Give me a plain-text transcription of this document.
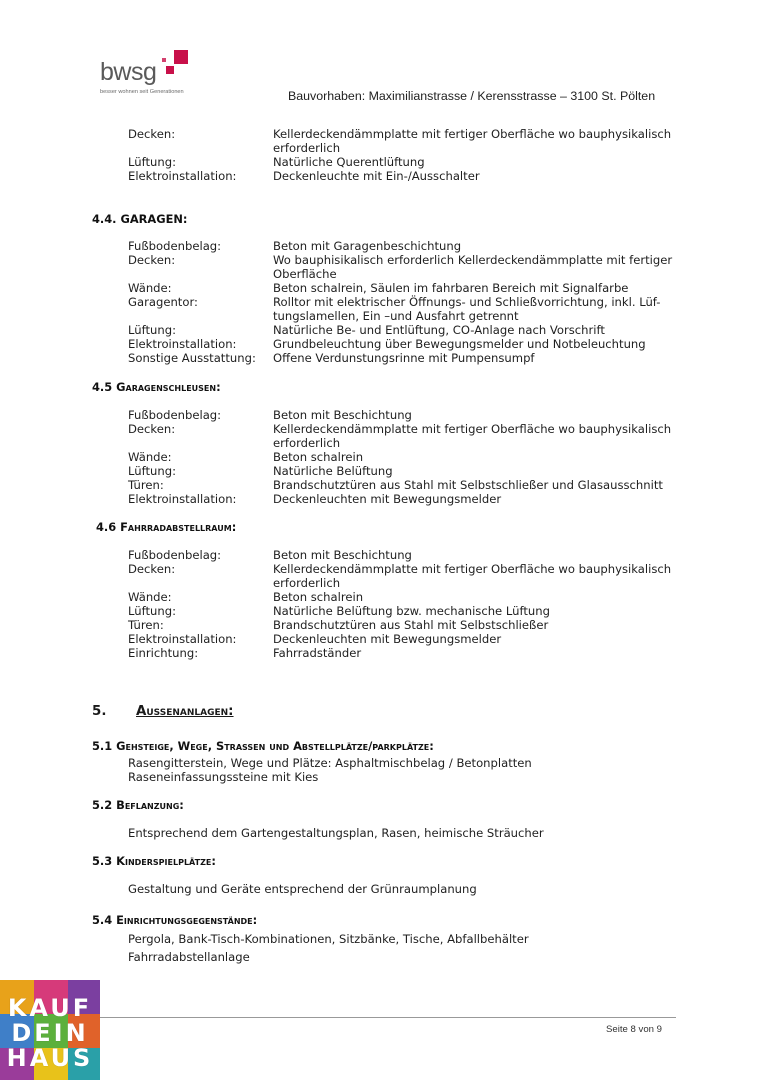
bwsg
besser wohnen seit Generationen	Bauvorhaben: Maximilianstrasse / Kerensstrasse – 3100 St. Pölten
Decken:	Kellerdeckendämmplatte mit fertiger Oberfläche wo bauphysikalisch
erforderlich
Lüftung:	Natürliche Querentlüftung
Elektroinstallation:	Deckenleuchte mit Ein-/Ausschalter
4.4. GARAGEN:
Fußbodenbelag:	Beton mit Garagenbeschichtung
Decken:	Wo bauphisikalisch erforderlich Kellerdeckendämmplatte mit fertiger
Oberfläche
Wände:	Beton schalrein, Säulen im fahrbaren Bereich mit Signalfarbe
Garagentor:	Rolltor mit elektrischer Öffnungs- und Schließvorrichtung, inkl. Lüf-
tungslamellen, Ein –und Ausfahrt getrennt
Lüftung:	Natürliche Be- und Entlüftung, CO-Anlage nach Vorschrift
Elektroinstallation:	Grundbeleuchtung über Bewegungsmelder und Notbeleuchtung
Sonstige Ausstattung: Offene Verdunstungsrinne mit Pumpensumpf
4.5 Garagenschleusen:
Fußbodenbelag:	Beton mit Beschichtung
Decken:	Kellerdeckendämmplatte mit fertiger Oberfläche wo bauphysikalisch
erforderlich
Wände:	Beton schalrein
Lüftung:	Natürliche Belüftung
Türen:	Brandschutztüren aus Stahl mit Selbstschließer und Glasausschnitt
Elektroinstallation:	Deckenleuchten mit Bewegungsmelder
4.6 Fahrradabstellraum:
Fußbodenbelag:	Beton mit Beschichtung
Decken:	Kellerdeckendämmplatte mit fertiger Oberfläche wo bauphysikalisch
erforderlich
Wände:	Beton schalrein
Lüftung:	Natürliche Belüftung bzw. mechanische Lüftung
Türen:	Brandschutztüren aus Stahl mit Selbstschließer
Elektroinstallation:	Deckenleuchten mit Bewegungsmelder
Einrichtung:	Fahrradständer
5. Aussenanlagen:
5.1 Gehsteige, Wege, Strassen und Abstellplätze/parkplätze:
Rasengitterstein, Wege und Plätze: Asphaltmischbelag / Betonplatten
Raseneinfassungssteine mit Kies
5.2 Beflanzung:
Entsprechend dem Gartengestaltungsplan, Rasen, heimische Sträucher
5.3 Kinderspielplätze:
Gestaltung und Geräte entsprechend der Grünraumplanung
5.4 Einrichtungsgegenstände:
Pergola, Bank-Tisch-Kombinationen, Sitzbänke, Tische, Abfallbehälter
Fahrradabstellanlage
Seite 8 von 9
KAUF
DEIN
HAUS
